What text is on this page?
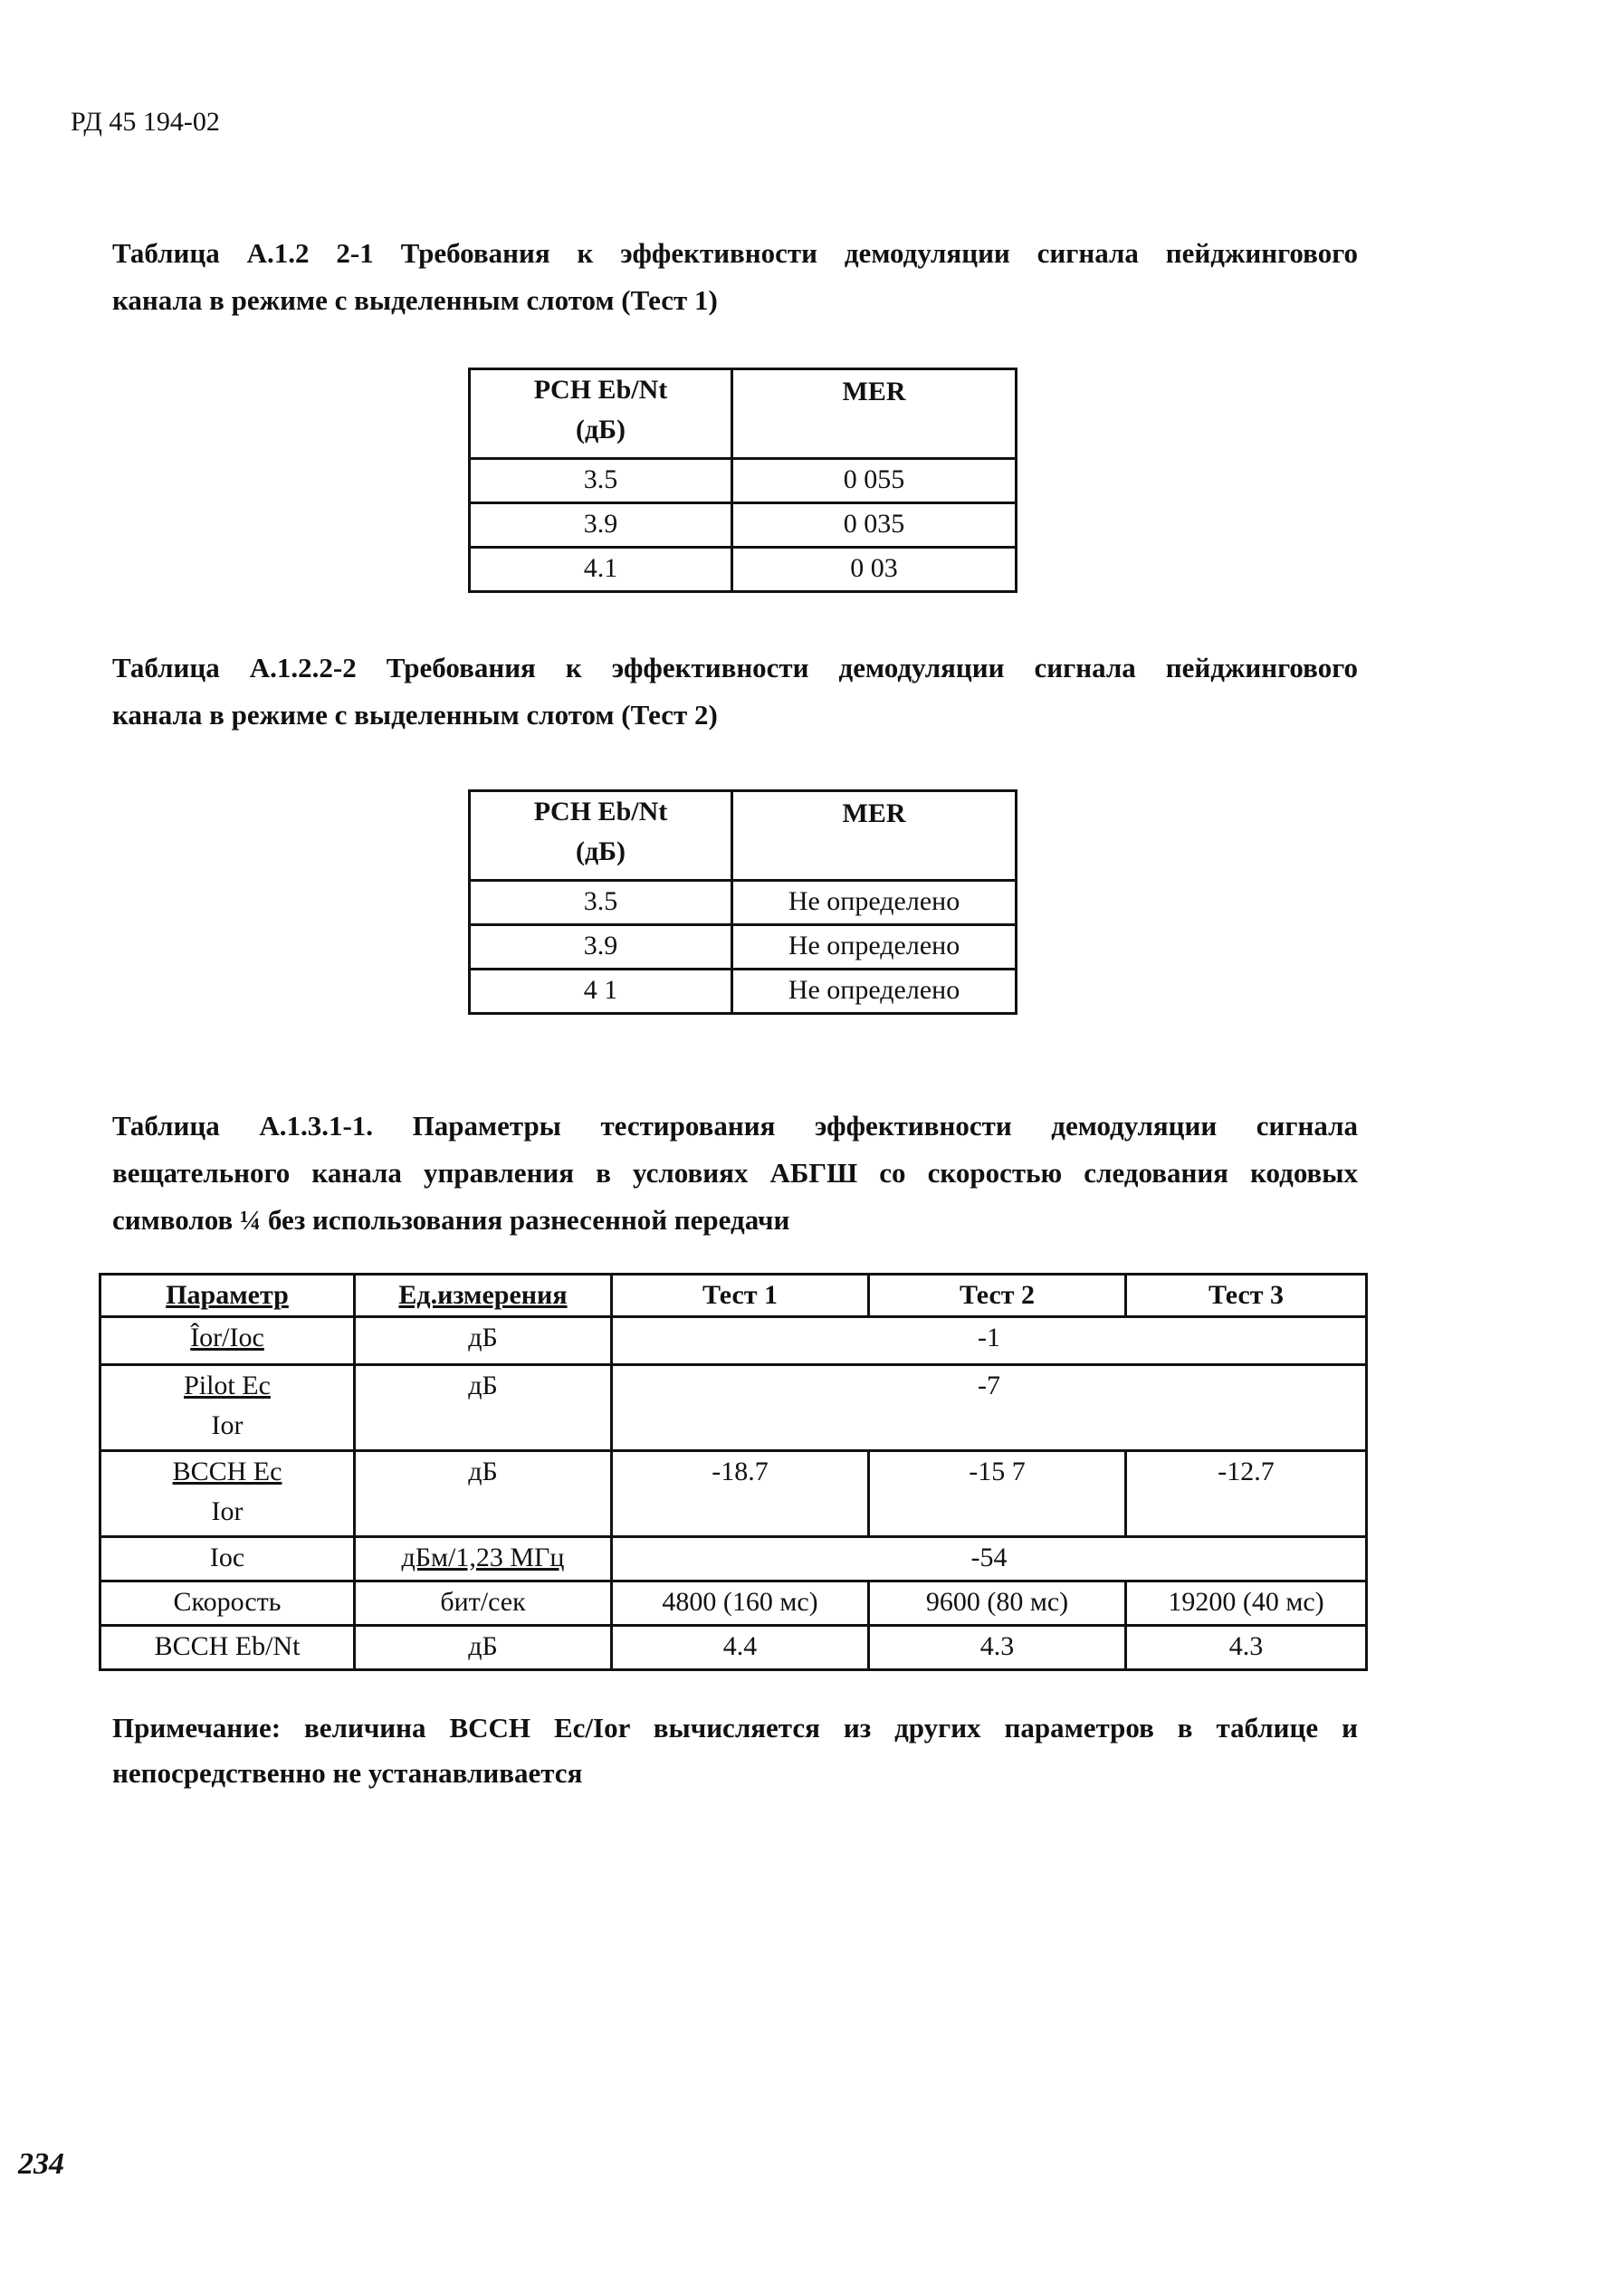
РД 45 194-02
Таблица А.1.2 2-1 Требования к эффективности демодуляции сигнала пейджингового
канала в режиме с выделенным слотом (Тест 1)
PCH Eb/Nt
(дБ)	MER
3.5	0 055
3.9	0 035
4.1	0 03
Таблица А.1.2.2-2 Требования к эффективности демодуляции сигнала пейджингового
канала в режиме с выделенным слотом (Тест 2)
PCH Eb/Nt
(дБ)	MER
3.5	Не определено
3.9	Не определено
4 1	Не определено
Таблица А.1.3.1-1. Параметры тестирования эффективности демодуляции сигнала
вещательного канала управления в условиях АБГШ со скоростью следования кодовых
символов ¼ без использования разнесенной передачи
Параметр	Ед.измерения	Тест 1	Тест 2	Тест 3
Îor/Ioc	дБ	-1		

Pilot Ec
Ior	дБ	-7		

BCCH Ec
Ior	дБ	-18.7	-15 7	-12.7
Ioc	дБм/1,23 МГц	-54		
Скорость	бит/сек	4800 (160 мс)	9600 (80 мс)	19200 (40 мс)
BCCH Eb/Nt	дБ	4.4	4.3	4.3
Примечание: величина BCCH Ec/Ior вычисляется из других параметров в таблице и
непосредственно не устанавливается
234
